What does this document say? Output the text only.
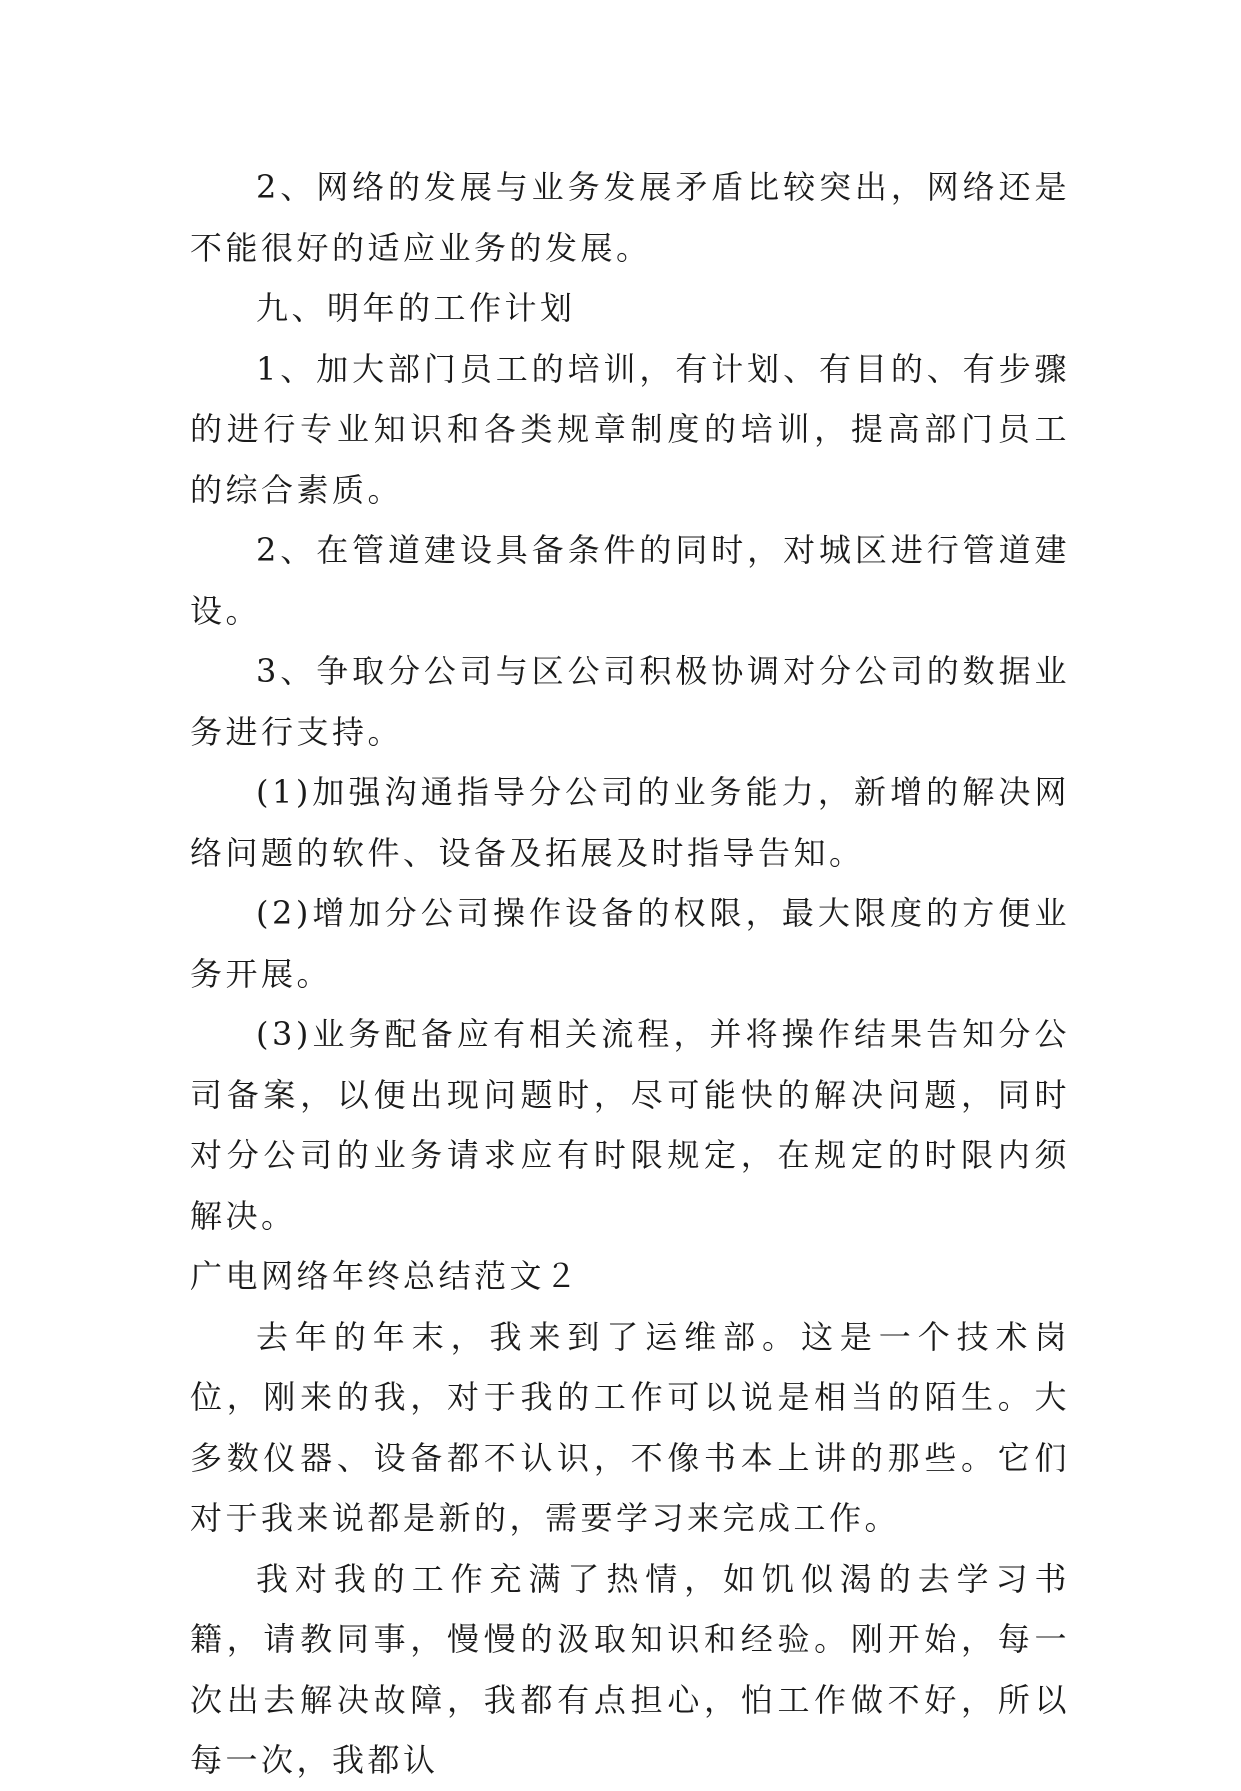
2、网络的发展与业务发展矛盾比较突出，网络还是不能很好的适应业务的发展。

九、明年的工作计划

1、加大部门员工的培训，有计划、有目的、有步骤的进行专业知识和各类规章制度的培训，提高部门员工的综合素质。

2、在管道建设具备条件的同时，对城区进行管道建设。

3、争取分公司与区公司积极协调对分公司的数据业务进行支持。

(1)加强沟通指导分公司的业务能力，新增的解决网络问题的软件、设备及拓展及时指导告知。

(2)增加分公司操作设备的权限，最大限度的方便业务开展。

(3)业务配备应有相关流程，并将操作结果告知分公司备案，以便出现问题时，尽可能快的解决问题，同时对分公司的业务请求应有时限规定，在规定的时限内须解决。

广电网络年终总结范文２

去年的年末，我来到了运维部。这是一个技术岗位，刚来的我，对于我的工作可以说是相当的陌生。大多数仪器、设备都不认识，不像书本上讲的那些。它们对于我来说都是新的，需要学习来完成工作。

我对我的工作充满了热情，如饥似渴的去学习书籍，请教同事，慢慢的汲取知识和经验。刚开始，每一次出去解决故障，我都有点担心，怕工作做不好，所以每一次，我都认
